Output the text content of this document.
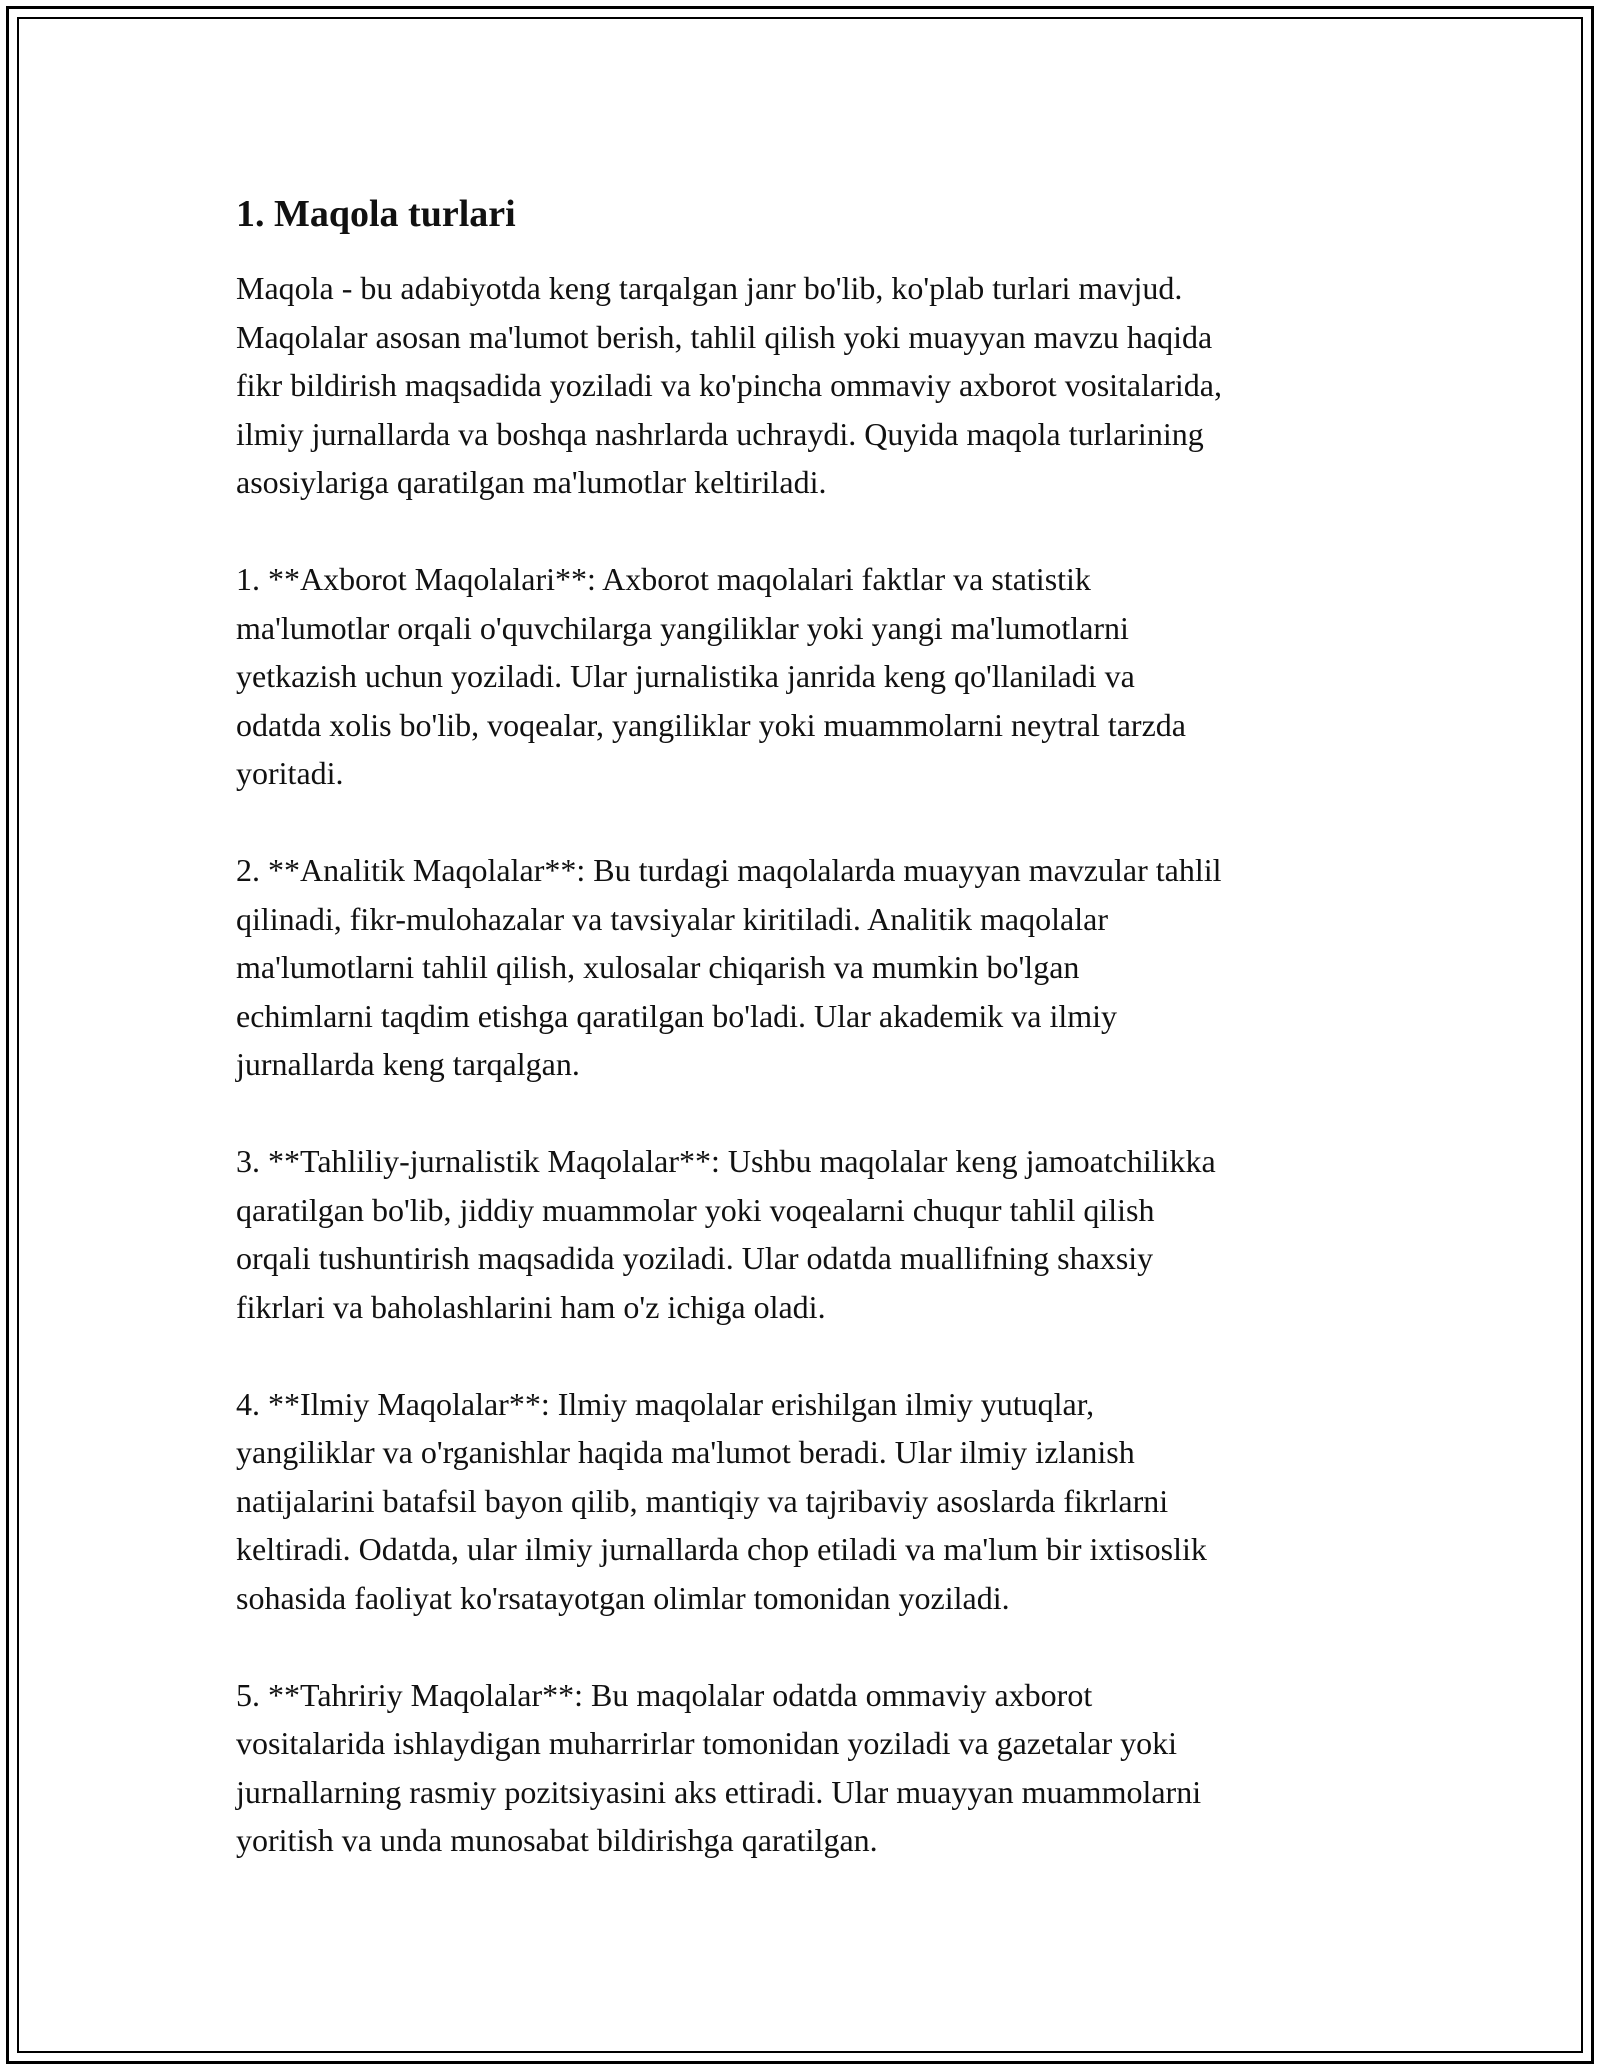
1. Maqola turlari

Maqola - bu adabiyotda keng tarqalgan janr bo'lib, ko'plab turlari mavjud.
Maqolalar asosan ma'lumot berish, tahlil qilish yoki muayyan mavzu haqida
fikr bildirish maqsadida yoziladi va ko'pincha ommaviy axborot vositalarida,
ilmiy jurnallarda va boshqa nashrlarda uchraydi. Quyida maqola turlarining
asosiylariga qaratilgan ma'lumotlar keltiriladi.

1. **Axborot Maqolalari**: Axborot maqolalari faktlar va statistik
ma'lumotlar orqali o'quvchilarga yangiliklar yoki yangi ma'lumotlarni
yetkazish uchun yoziladi. Ular jurnalistika janrida keng qo'llaniladi va
odatda xolis bo'lib, voqealar, yangiliklar yoki muammolarni neytral tarzda
yoritadi.

2. **Analitik Maqolalar**: Bu turdagi maqolalarda muayyan mavzular tahlil
qilinadi, fikr-mulohazalar va tavsiyalar kiritiladi. Analitik maqolalar
ma'lumotlarni tahlil qilish, xulosalar chiqarish va mumkin bo'lgan
echimlarni taqdim etishga qaratilgan bo'ladi. Ular akademik va ilmiy
jurnallarda keng tarqalgan.

3. **Tahliliy-jurnalistik Maqolalar**: Ushbu maqolalar keng jamoatchilikka
qaratilgan bo'lib, jiddiy muammolar yoki voqealarni chuqur tahlil qilish
orqali tushuntirish maqsadida yoziladi. Ular odatda muallifning shaxsiy
fikrlari va baholashlarini ham o'z ichiga oladi.

4. **Ilmiy Maqolalar**: Ilmiy maqolalar erishilgan ilmiy yutuqlar,
yangiliklar va o'rganishlar haqida ma'lumot beradi. Ular ilmiy izlanish
natijalarini batafsil bayon qilib, mantiqiy va tajribaviy asoslarda fikrlarni
keltiradi. Odatda, ular ilmiy jurnallarda chop etiladi va ma'lum bir ixtisoslik
sohasida faoliyat ko'rsatayotgan olimlar tomonidan yoziladi.

5. **Tahririy Maqolalar**: Bu maqolalar odatda ommaviy axborot
vositalarida ishlaydigan muharrirlar tomonidan yoziladi va gazetalar yoki
jurnallarning rasmiy pozitsiyasini aks ettiradi. Ular muayyan muammolarni
yoritish va unda munosabat bildirishga qaratilgan.
